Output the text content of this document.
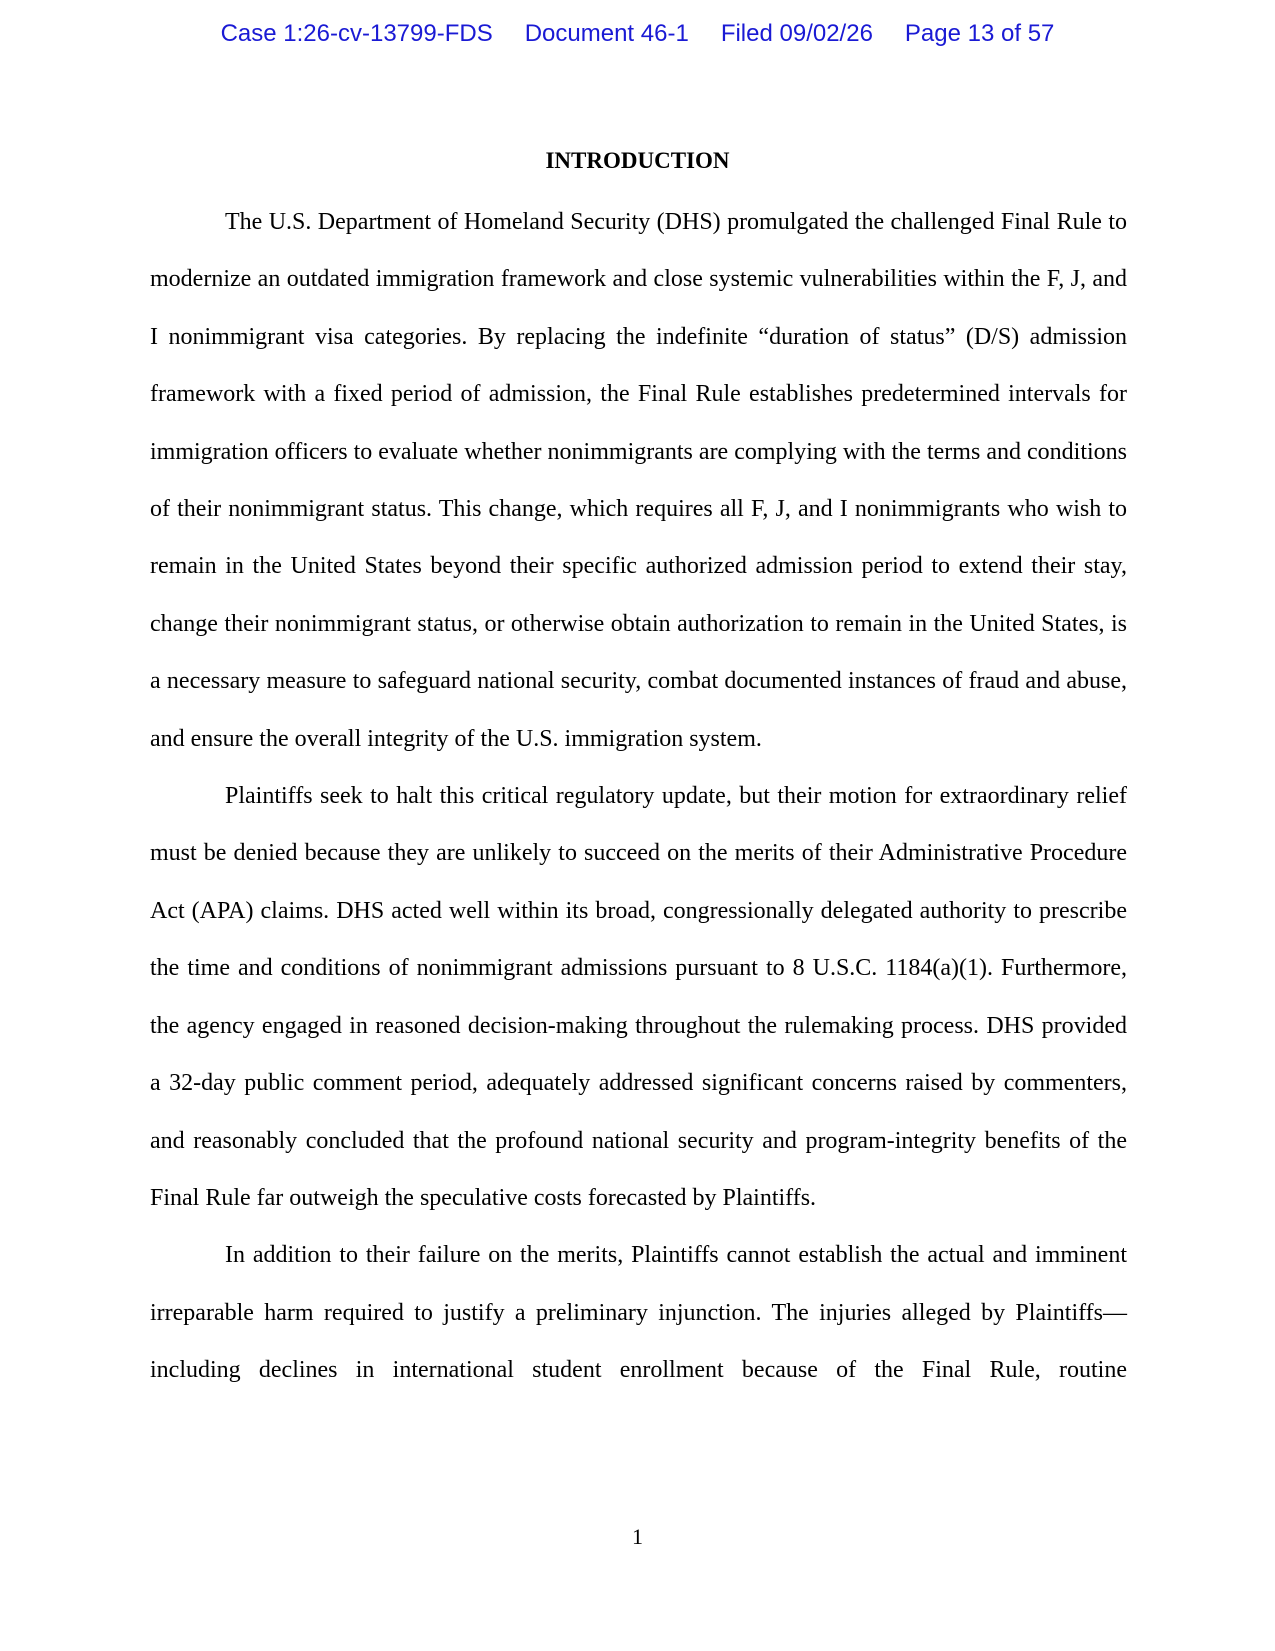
Case 1:26-cv-13799-FDS Document 46-1 Filed 09/02/26 Page 13 of 57
INTRODUCTION

The U.S. Department of Homeland Security (DHS) promulgated the challenged Final Rule to modernize an outdated immigration framework and close systemic vulnerabilities within the F, J, and I nonimmigrant visa categories. By replacing the indefinite “duration of status” (D/S) admission framework with a fixed period of admission, the Final Rule establishes predetermined intervals for immigration officers to evaluate whether nonimmigrants are complying with the terms and conditions of their nonimmigrant status. This change, which requires all F, J, and I nonimmigrants who wish to remain in the United States beyond their specific authorized admission period to extend their stay, change their nonimmigrant status, or otherwise obtain authorization to remain in the United States, is a necessary measure to safeguard national security, combat documented instances of fraud and abuse, and ensure the overall integrity of the U.S. immigration system.

Plaintiffs seek to halt this critical regulatory update, but their motion for extraordinary relief must be denied because they are unlikely to succeed on the merits of their Administrative Procedure Act (APA) claims. DHS acted well within its broad, congressionally delegated authority to prescribe the time and conditions of nonimmigrant admissions pursuant to 8 U.S.C. 1184(a)(1). Furthermore, the agency engaged in reasoned decision-making throughout the rulemaking process. DHS provided a 32-day public comment period, adequately addressed significant concerns raised by commenters, and reasonably concluded that the profound national security and program-integrity benefits of the Final Rule far outweigh the speculative costs forecasted by Plaintiffs.

In addition to their failure on the merits, Plaintiffs cannot establish the actual and imminent irreparable harm required to justify a preliminary injunction. The injuries alleged by Plaintiffs—including declines in international student enrollment because of the Final Rule, routine

1
